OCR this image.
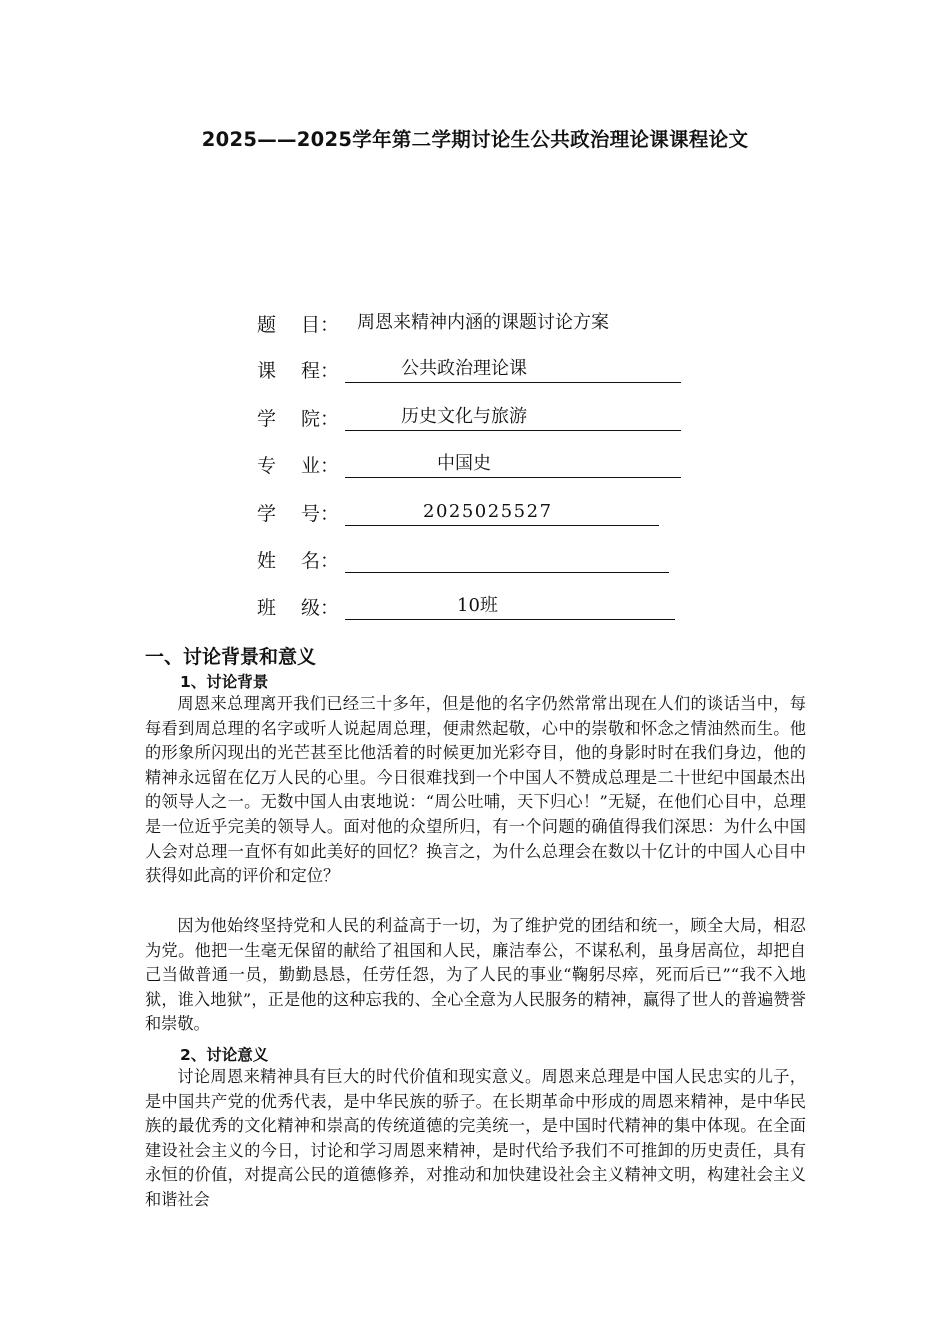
2025——2025学年第二学期讨论生公共政治理论课课程论文
题 目： 周恩来精神内涵的课题讨论方案
课 程：	公共政治理论课
学 院：	历史文化与旅游
专 业：	中国史
学 号：	2025025527
姓 名：
班 级：	10班
一、讨论背景和意义
1、讨论背景

周恩来总理离开我们已经三十多年，但是他的名字仍然常常出现在人们的谈话当中，每每看到周总理的名字或听人说起周总理，便肃然起敬，心中的崇敬和怀念之情油然而生。他的形象所闪现出的光芒甚至比他活着的时候更加光彩夺目，他的身影时时在我们身边，他的精神永远留在亿万人民的心里。今日很难找到一个中国人不赞成总理是二十世纪中国最杰出的领导人之一。无数中国人由衷地说：“周公吐哺，天下归心！”无疑，在他们心目中，总理是一位近乎完美的领导人。面对他的众望所归，有一个问题的确值得我们深思：为什么中国人会对总理一直怀有如此美好的回忆？换言之，为什么总理会在数以十亿计的中国人心目中获得如此高的评价和定位？

因为他始终坚持党和人民的利益高于一切，为了维护党的团结和统一，顾全大局，相忍为党。他把一生毫无保留的献给了祖国和人民，廉洁奉公，不谋私利，虽身居高位，却把自己当做普通一员，勤勤恳恳，任劳任怨，为了人民的事业“鞠躬尽瘁，死而后已”“我不入地狱，谁入地狱”，正是他的这种忘我的、全心全意为人民服务的精神，赢得了世人的普遍赞誉和崇敬。

2、讨论意义

讨论周恩来精神具有巨大的时代价值和现实意义。周恩来总理是中国人民忠实的儿子，是中国共产党的优秀代表，是中华民族的骄子。在长期革命中形成的周恩来精神，是中华民族的最优秀的文化精神和崇高的传统道德的完美统一，是中国时代精神的集中体现。在全面建设社会主义的今日，讨论和学习周恩来精神，是时代给予我们不可推卸的历史责任，具有永恒的价值，对提高公民的道德修养，对推动和加快建设社会主义精神文明，构建社会主义和谐社会
